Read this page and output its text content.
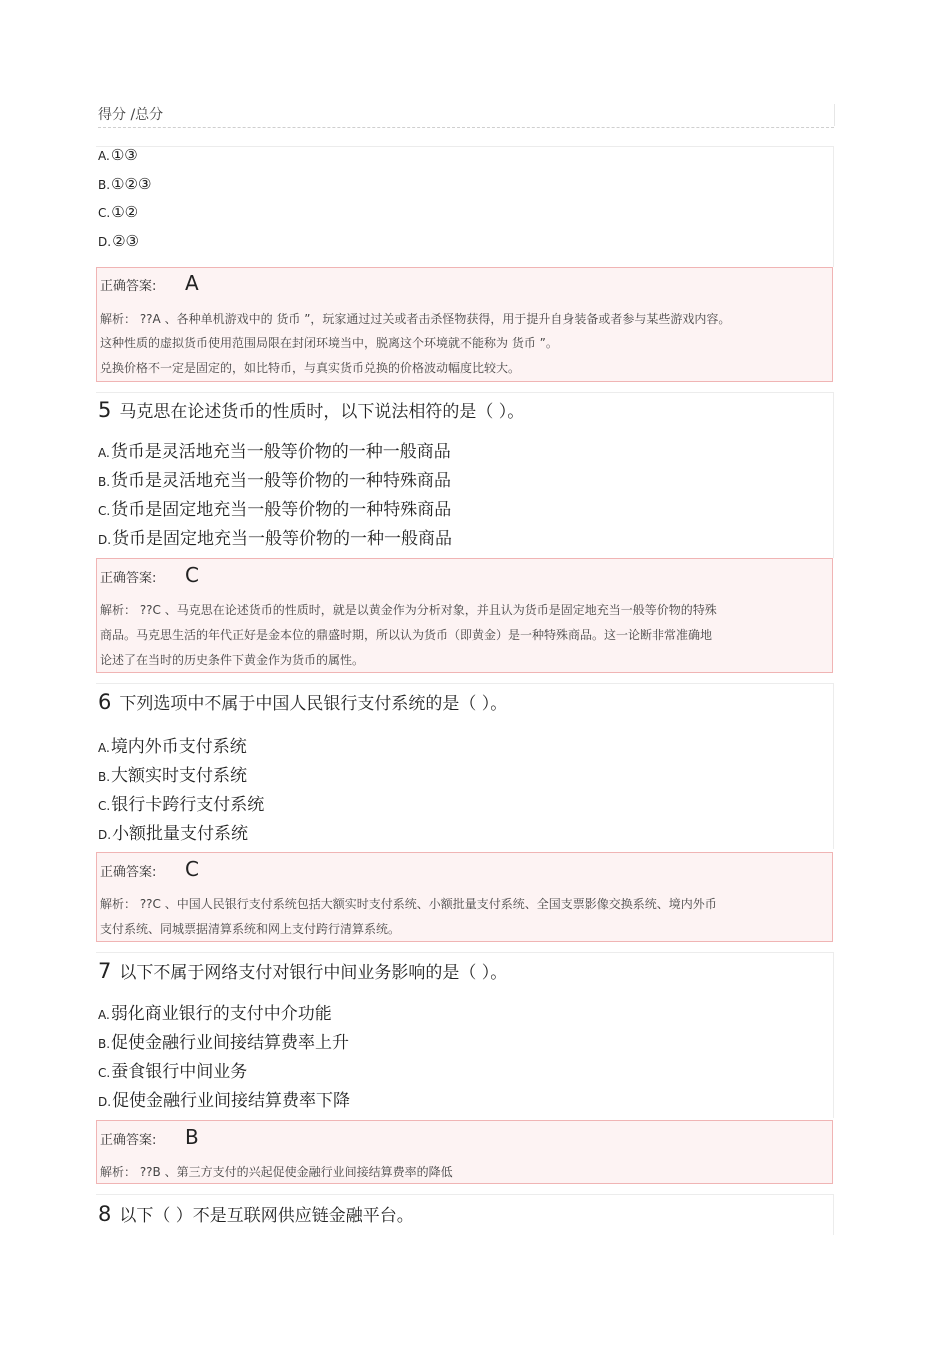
得分 /总分
A.①③
B.①②③
C.①②
D.②③
正确答案: A
解析： ??A 、各种单机游戏中的 货币 ”，玩家通过过关或者击杀怪物获得，用于提升自身装备或者参与某些游戏内容。
这种性质的虚拟货币使用范围局限在封闭环境当中，脱离这个环境就不能称为 货币 ”。
兑换价格不一定是固定的，如比特币，与真实货币兑换的价格波动幅度比较大。
5 马克思在论述货币的性质时，以下说法相符的是（ ）。
A.货币是灵活地充当一般等价物的一种一般商品
B.货币是灵活地充当一般等价物的一种特殊商品
C.货币是固定地充当一般等价物的一种特殊商品
D.货币是固定地充当一般等价物的一种一般商品
正确答案: C
解析： ??C 、马克思在论述货币的性质时，就是以黄金作为分析对象，并且认为货币是固定地充当一般等价物的特殊
商品。马克思生活的年代正好是金本位的鼎盛时期，所以认为货币（即黄金）是一种特殊商品。这一论断非常准确地
论述了在当时的历史条件下黄金作为货币的属性。
6 下列选项中不属于中国人民银行支付系统的是（ ）。
A.境内外币支付系统
B.大额实时支付系统
C.银行卡跨行支付系统
D.小额批量支付系统
正确答案: C
解析： ??C 、中国人民银行支付系统包括大额实时支付系统、小额批量支付系统、全国支票影像交换系统、境内外币
支付系统、同城票据清算系统和网上支付跨行清算系统。
7 以下不属于网络支付对银行中间业务影响的是（ ）。
A.弱化商业银行的支付中介功能
B.促使金融行业间接结算费率上升
C.蚕食银行中间业务
D.促使金融行业间接结算费率下降
正确答案: B
解析： ??B 、第三方支付的兴起促使金融行业间接结算费率的降低
8 以下（ ）不是互联网供应链金融平台。
